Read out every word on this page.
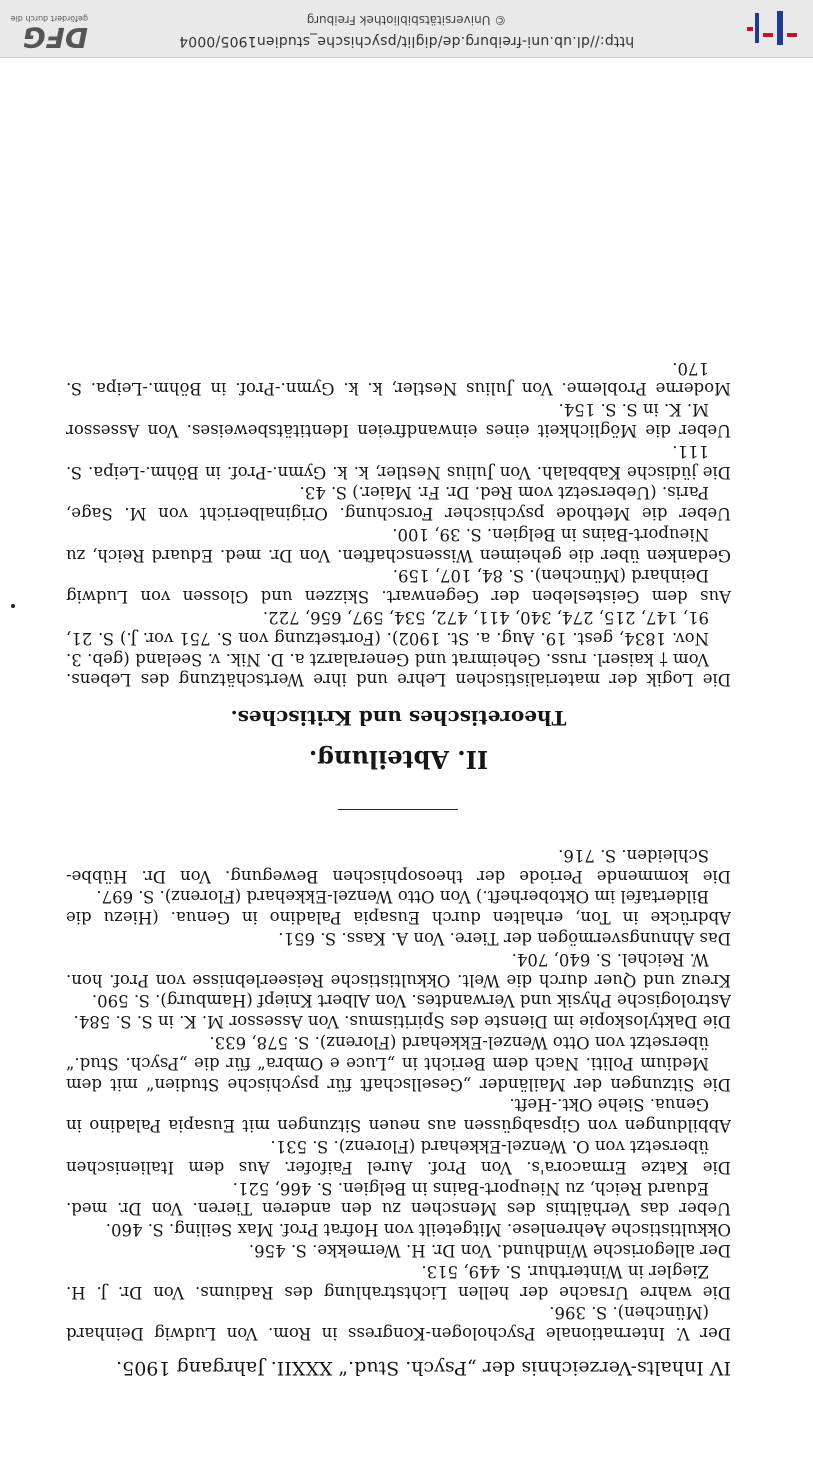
IV Inhalts-Verzeichnis der „Psych. Stud.“ XXXII. Jahrgang 1905.

Der V. Internationale Psychologen-Kongress in Rom. Von Ludwig Deinhard (München). S. 396.

Die wahre Ursache der hellen Lichtstrahlung des Radiums. Von Dr. J. H. Ziegler in Winterthur. S. 449, 513.

Der allegorische Windhund. Von Dr. H. Wernekke. S. 456.

Okkultistische Aehrenlese. Mitgeteilt von Hofrat Prof. Max Seiling. S. 460.

Ueber das Verhältnis des Menschen zu den anderen Tieren. Von Dr. med. Eduard Reich, zu Nieuport-Bains in Belgien. S. 466, 521.

Die Katze Ermacora's. Von Prof. Aurel Faifofer. Aus dem Italienischen übersetzt von O. Wenzel-Ekkehard (Florenz). S. 531.

Abbildungen von Gipsabgüssen aus neuen Sitzungen mit Eusapia Paladino in Genua. Siehe Okt.-Heft.

Die Sitzungen der Mailänder „Gesellschaft für psychische Studien“ mit dem Medium Politi. Nach dem Bericht in „Luce e Ombra“ für die „Psych. Stud.“ übersetzt von Otto Wenzel-Ekkehard (Florenz). S. 578, 633.

Die Daktyloskopie im Dienste des Spiritismus. Von Assessor M. K. in S. S. 584.

Astrologische Physik und Verwandtes. Von Albert Kniepf (Hamburg). S. 590.

Kreuz und Quer durch die Welt. Okkultistische Reiseerlebnisse von Prof. hon. W. Reichel. S. 640, 704.

Das Ahnungsvermögen der Tiere. Von A. Kass. S. 651.

Abdrücke in Ton, erhalten durch Eusapia Paladino in Genua. (Hiezu die Bildertafel im Oktoberheft.) Von Otto Wenzel-Ekkehard (Florenz). S. 697.

Die kommende Periode der theosophischen Bewegung. Von Dr. Hübbe-Schleiden. S. 716.

II. Abteilung.
Theoretisches und Kritisches.

Die Logik der materialistischen Lehre und ihre Wertschätzung des Lebens. Vom † kaiserl. russ. Geheimrat und Generalarzt a. D. Nik. v. Seeland (geb. 3. Nov. 1834, gest. 19. Aug. a. St. 1902). (Fortsetzung von S. 751 vor. J.) S. 21, 91, 147, 215, 274, 340, 411, 472, 534, 597, 656, 722.

Aus dem Geistesleben der Gegenwart. Skizzen und Glossen von Ludwig Deinhard (München). S. 84, 107, 159.

Gedanken über die geheimen Wissenschaften. Von Dr. med. Eduard Reich, zu Nieuport-Bains in Belgien. S. 39, 100.

Ueber die Methode psychischer Forschung. Originalbericht von M. Sage, Paris. (Uebersetzt vom Red. Dr. Fr. Maier.) S. 43.

Die jüdische Kabbalah. Von Julius Nestler, k. k. Gymn.-Prof. in Böhm.-Leipa. S. 111.

Ueber die Möglichkeit eines einwandfreien Identitätsbeweises. Von Assessor M. K. in S. S. 154.

Moderne Probleme. Von Julius Nestler, k. k. Gymn.-Prof. in Böhm.-Leipa. S. 170.

http://dl.ub.uni-freiburg.de/diglit/psychische_studien1905/0004
© Universitätsbibliothek Freiburg
DFG
gefördert durch die
